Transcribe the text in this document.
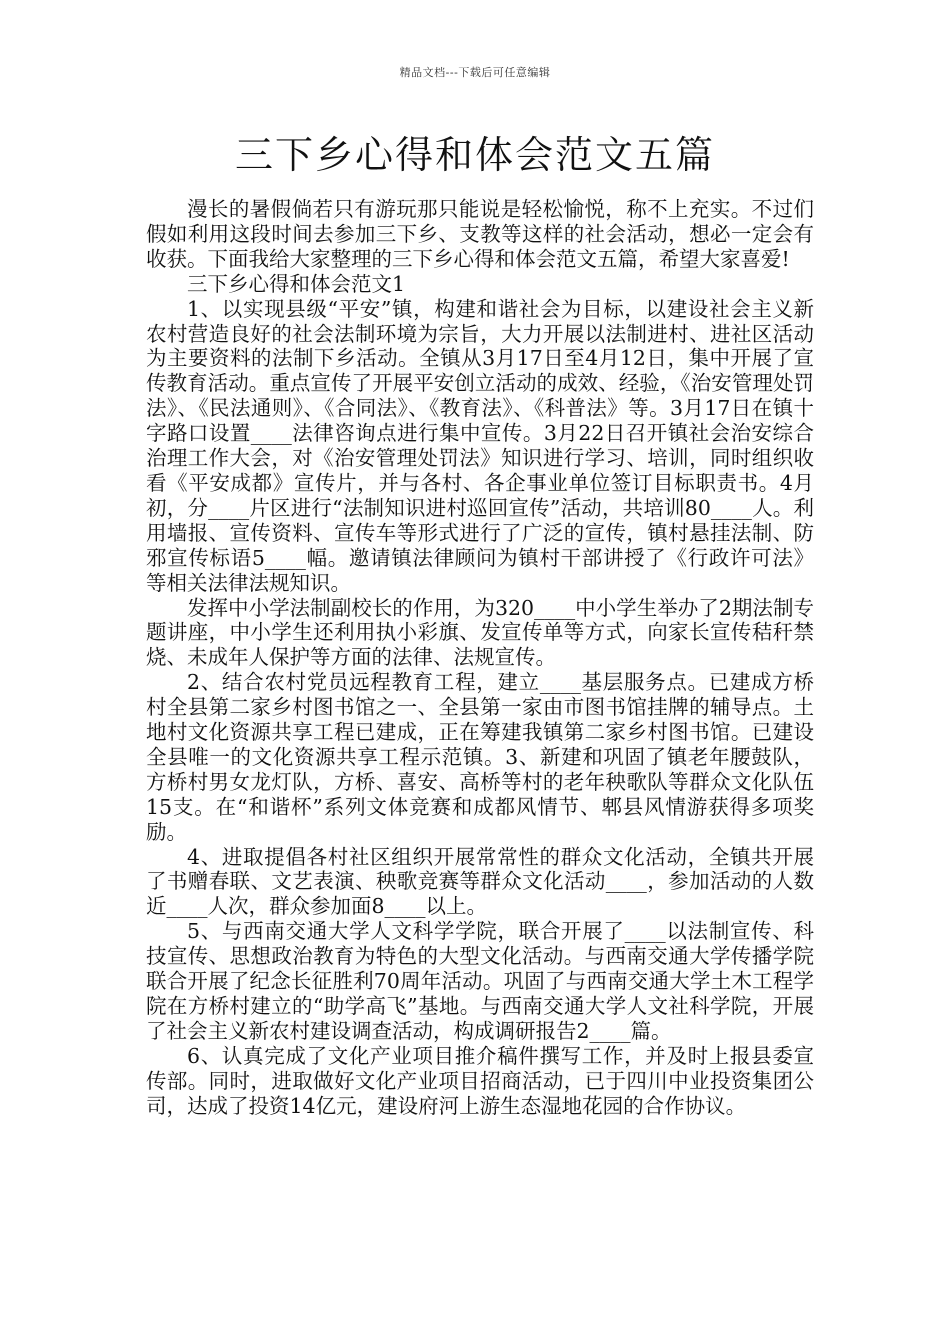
精品文档---下载后可任意编辑
三下乡心得和体会范文五篇

漫长的暑假倘若只有游玩那只能说是轻松愉悦，称不上充实。不过们假如利用这段时间去参加三下乡、支教等这样的社会活动，想必一定会有收获。下面我给大家整理的三下乡心得和体会范文五篇，希望大家喜爱!

三下乡心得和体会范文1

1、以实现县级“平安”镇，构建和谐社会为目标，以建设社会主义新农村营造良好的社会法制环境为宗旨，大力开展以法制进村、进社区活动为主要资料的法制下乡活动。全镇从3月17日至4月12日，集中开展了宣传教育活动。重点宣传了开展平安创立活动的成效、经验，《治安管理处罚法》、《民法通则》、《合同法》、《教育法》、《科普法》等。3月17日在镇十字路口设置____法律咨询点进行集中宣传。3月22日召开镇社会治安综合治理工作大会，对《治安管理处罚法》知识进行学习、培训，同时组织收看《平安成都》宣传片，并与各村、各企事业单位签订目标职责书。4月初，分____片区进行“法制知识进村巡回宣传”活动，共培训80____人。利用墙报、宣传资料、宣传车等形式进行了广泛的宣传，镇村悬挂法制、防邪宣传标语5____幅。邀请镇法律顾问为镇村干部讲授了《行政许可法》等相关法律法规知识。

发挥中小学法制副校长的作用，为320____中小学生举办了2期法制专题讲座，中小学生还利用执小彩旗、发宣传单等方式，向家长宣传秸秆禁烧、未成年人保护等方面的法律、法规宣传。

2、结合农村党员远程教育工程，建立____基层服务点。已建成方桥村全县第二家乡村图书馆之一、全县第一家由市图书馆挂牌的辅导点。土地村文化资源共享工程已建成，正在筹建我镇第二家乡村图书馆。已建设全县唯一的文化资源共享工程示范镇。3、新建和巩固了镇老年腰鼓队，方桥村男女龙灯队，方桥、喜安、高桥等村的老年秧歌队等群众文化队伍15支。在“和谐杯”系列文体竞赛和成都风情节、郫县风情游获得多项奖励。

4、进取提倡各村社区组织开展常常性的群众文化活动，全镇共开展了书赠春联、文艺表演、秧歌竞赛等群众文化活动____，参加活动的人数近____人次，群众参加面8____以上。

5、与西南交通大学人文科学学院，联合开展了____以法制宣传、科技宣传、思想政治教育为特色的大型文化活动。与西南交通大学传播学院联合开展了纪念长征胜利70周年活动。巩固了与西南交通大学土木工程学院在方桥村建立的“助学高飞”基地。与西南交通大学人文社科学院，开展了社会主义新农村建设调查活动，构成调研报告2____篇。

6、认真完成了文化产业项目推介稿件撰写工作，并及时上报县委宣传部。同时，进取做好文化产业项目招商活动，已于四川中业投资集团公司，达成了投资14亿元，建设府河上游生态湿地花园的合作协议。
